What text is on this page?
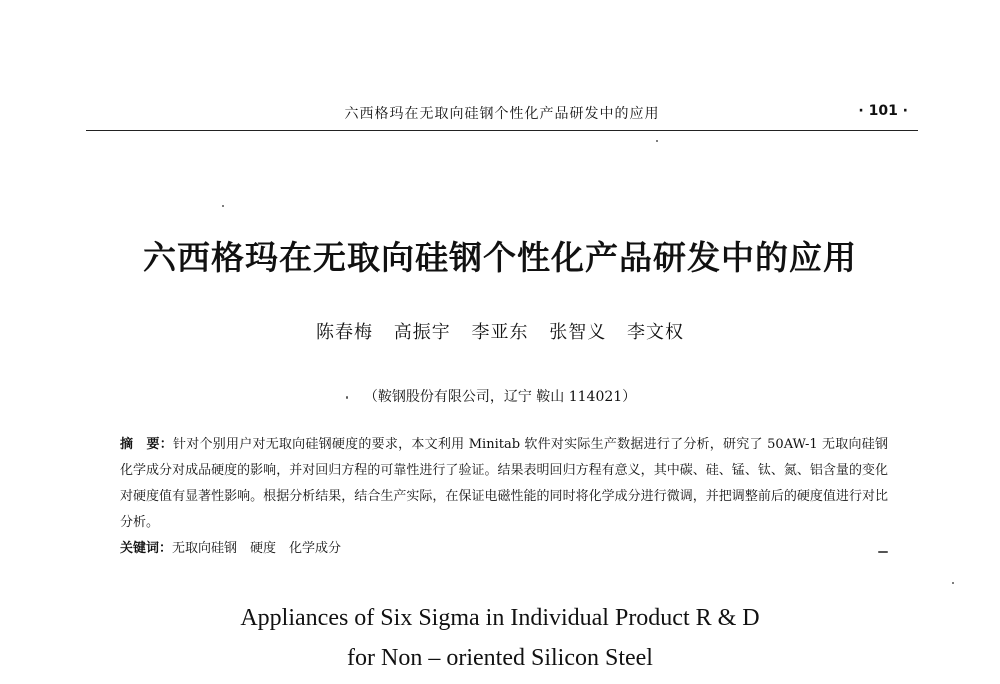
六西格玛在无取向硅钢个性化产品研发中的应用	· 101 ·
六西格玛在无取向硅钢个性化产品研发中的应用
陈春梅 高振宇 李亚东 张智义 李文权
（鞍钢股份有限公司，辽宁 鞍山 114021）
摘　要：针对个别用户对无取向硅钢硬度的要求，本文利用 Minitab 软件对实际生产数据进行了分析，研究了 50AW-1 无取向硅钢化学成分对成品硬度的影响，并对回归方程的可靠性进行了验证。结果表明回归方程有意义，其中碳、硅、锰、钛、氮、铝含量的变化对硬度值有显著性影响。根据分析结果，结合生产实际，在保证电磁性能的同时将化学成分进行微调，并把调整前后的硬度值进行对比分析。
关键词：无取向硅钢　硬度　化学成分
Appliances of Six Sigma in Individual Product R & D
for Non – oriented Silicon Steel
